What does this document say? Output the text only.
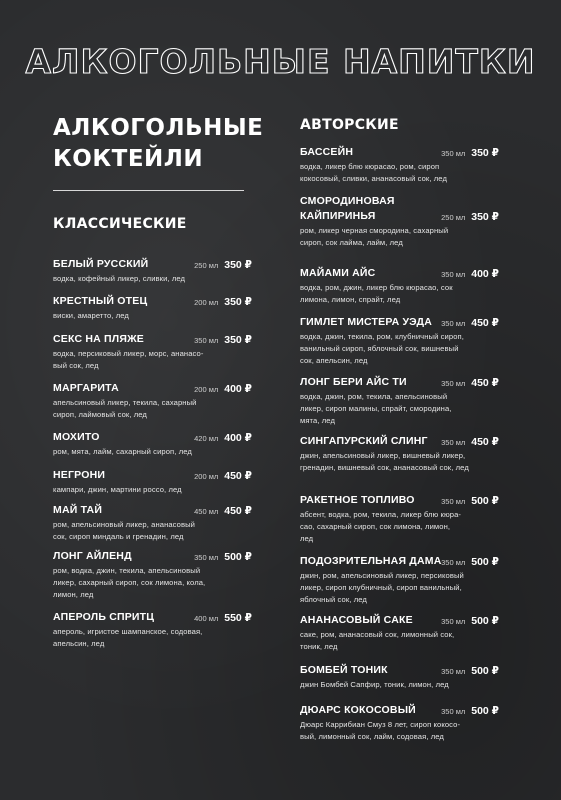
АЛКОГОЛЬНЫЕ НАПИТКИ
АЛКОГОЛЬНЫЕ
КОКТЕЙЛИ
КЛАССИЧЕСКИЕ
АВТОРСКИЕ
БЕЛЫЙ РУССКИЙ	250 мл 350 ₽
водка, кофейный ликер, сливки, лед
КРЕСТНЫЙ ОТЕЦ	200 мл 350 ₽
виски, амаретто, лед
СЕКС НА ПЛЯЖЕ	350 мл 350 ₽
водка, персиковый ликер, морс, ананасо-
вый сок, лед
МАРГАРИТА	200 мл 400 ₽
апельсиновый ликер, текила, сахарный
сироп, лаймовый сок, лед
МОХИТО	420 мл 400 ₽
ром, мята, лайм, сахарный сироп, лед
НЕГРОНИ	200 мл 450 ₽
кампари, джин, мартини россо, лед
МАЙ ТАЙ	450 мл 450 ₽
ром, апельсиновый ликер, ананасовый
сок, сироп миндаль и гренадин, лед
ЛОНГ АЙЛЕНД	350 мл 500 ₽
ром, водка, джин, текила, апельсиновый
ликер, сахарный сироп, сок лимона, кола,
лимон, лед
АПЕРОЛЬ СПРИТЦ	400 мл 550 ₽
апероль, игристое шампанское, содовая,
апельсин, лед
БАССЕЙН	350 мл 350 ₽
водка, ликер блю кюрасао, ром, сироп
кокосовый, сливки, ананасовый сок, лед
СМОРОДИНОВАЯ
КАЙПИРИНЬЯ	250 мл 350 ₽
ром, ликер черная смородина, сахарный
сироп, сок лайма, лайм, лед
МАЙАМИ АЙС	350 мл 400 ₽
водка, ром, джин, ликер блю кюрасао, сок
лимона, лимон, спрайт, лед
ГИМЛЕТ МИСТЕРА УЭДА 350 мл 450 ₽
водка, джин, текила, ром, клубничный сироп,
ванильный сироп, яблочный сок, вишневый
сок, апельсин, лед
ЛОНГ БЕРИ АЙС ТИ	350 мл 450 ₽
водка, джин, ром, текила, апельсиновый
ликер, сироп малины, спрайт, смородина,
мята, лед
СИНГАПУРСКИЙ СЛИНГ 350 мл 450 ₽
джин, апельсиновый ликер, вишневый ликер,
гренадин, вишневый сок, ананасовый сок, лед
РАКЕТНОЕ ТОПЛИВО	350 мл 500 ₽
абсент, водка, ром, текила, ликер блю кюра-
сао, сахарный сироп, сок лимона, лимон,
лед
ПОДОЗРИТЕЛЬНАЯ ДАМА 350 мл 500 ₽
джин, ром, апельсиновый ликер, персиковый
ликер, сироп клубничный, сироп ванильный,
яблочный сок, лед
АНАНАСОВЫЙ САКЕ	350 мл 500 ₽
саке, ром, ананасовый сок, лимонный сок,
тоник, лед
БОМБЕЙ ТОНИК	350 мл 500 ₽
джин Бомбей Сапфир, тоник, лимон, лед
ДЮАРС КОКОСОВЫЙ	350 мл 500 ₽
Дюарс Каррибиан Смуз 8 лет, сироп кокосо-
вый, лимонный сок, лайм, содовая, лед
